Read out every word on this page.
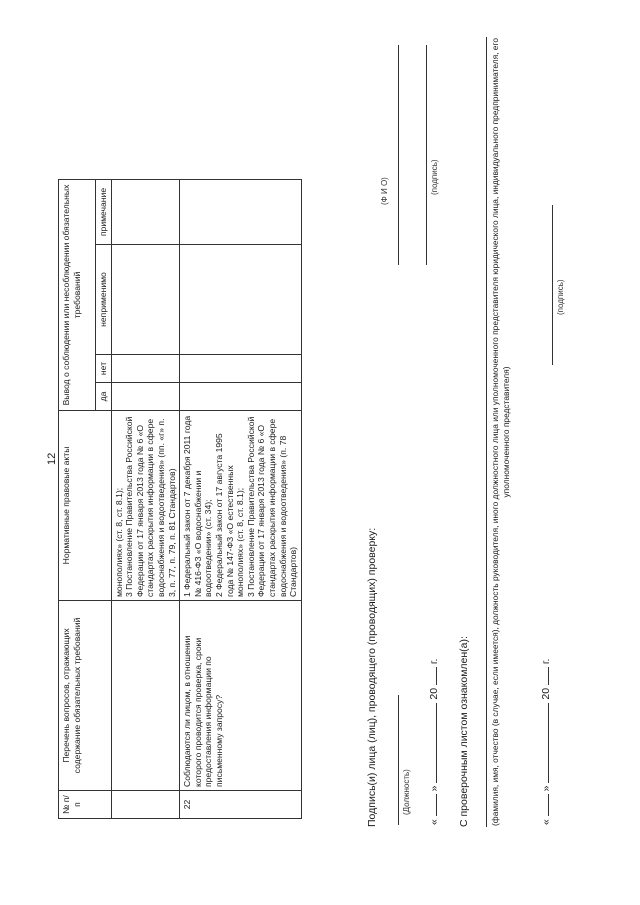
12
№ п/п	Перечень вопросов, отражающих содержание обязательных требований	Нормативные правовые акты	Вывод о соблюдении или несоблюдении обязательных требований			
			да	нет	неприменимо	примечание

		монополиях» (ст. 8, ст. 8.1); 3 Постановление Правительства Российской Федерации от 17 января 2013 года № 6 «О стандартах раскрытия информации в сфере водоснабжения и водоотведения» (пп. «г» п. 3, п. 77, п. 79, п. 81 Стандартов)				

22	Соблюдаются ли лицом, в отношении которого проводится проверка, сроки предоставления информации по письменному запросу?	1 Федеральный закон от 7 декабря 2011 года № 416-ФЗ «О водоснабжении и водоотведении» (ст. 34); 2 Федеральный закон от 17 августа 1995 года № 147-ФЗ «О естественных монополиях» (ст. 8, ст. 8.1); 3 Постановление Правительства Российской Федерации от 17 января 2013 года № 6 «О стандартах раскрытия информации в сфере водоснабжения и водоотведения» (п. 78 Стандартов)				
					Подпись(и) лица (лиц), проводящего (проводящих) проверку:	(Должность)
(Ф И О)	(подпись)
«  »  20  г. С проверочным листом ознакомлен(а): (фамилия, имя, отчество (в случае, если имеется), должность руководителя, иного должностного лица или уполномоченного представителя юридического лица, индивидуального предпринимателя, его уполномоченного представителя)
«  »  20  г.
(подпись)
